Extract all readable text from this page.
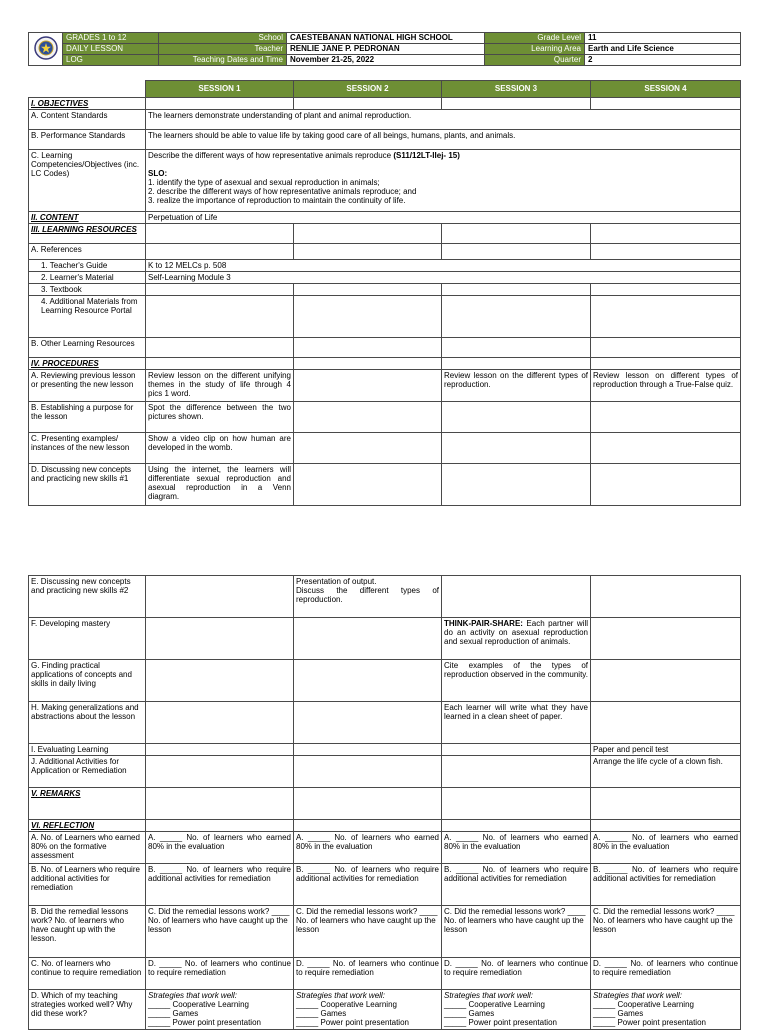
	GRADES 1 to 12	School	CAESTEBANAN NATIONAL HIGH SCHOOL	Grade Level	11
	DAILY LESSON	Teacher	RENLIE JANE P. PEDRONAN	Learning Area	Earth and Life Science
	LOG	Teaching Dates and Time	November 21-25, 2022	Quarter	2
	SESSION 1	SESSION 2	SESSION 3	SESSION 4
I. OBJECTIVES				
A. Content Standards	The learners demonstrate understanding of plant and animal reproduction.			
B. Performance Standards	The learners should be able to value life by taking good care of all beings, humans, plants, and animals.			
C. Learning Competencies/Objectives (inc. LC Codes)	Describe the different ways of how representative animals reproduce (S11/12LT-IIej- 15)

SLO:
1. identify the type of asexual and sexual reproduction in animals;
2. describe the different ways of how representative animals reproduce; and
3. realize the importance of reproduction to maintain the continuity of life.			
II. CONTENT	Perpetuation of Life			
III. LEARNING RESOURCES				
A. References				
1. Teacher's Guide	K to 12 MELCs p. 508			
2. Learner's Material	Self-Learning Module 3			
3. Textbook				
4. Additional Materials from Learning Resource Portal				
B. Other Learning Resources				
IV. PROCEDURES				
A. Reviewing previous lesson or presenting the new lesson	Review lesson on the different unifying themes in the study of life through 4 pics 1 word.		Review lesson on the different types of reproduction.	Review lesson on different types of reproduction through a True-False quiz.
B. Establishing a purpose for the lesson	Spot the difference between the two pictures shown.			
C. Presenting examples/ instances of the new lesson	Show a video clip on how human are developed in the womb.			
D. Discussing new concepts and practicing new skills #1	Using the internet, the learners will differentiate sexual reproduction and asexual reproduction in a Venn diagram.			
E. Discussing new concepts and practicing new skills #2		Presentation of output.
Discuss the different types of reproduction.		
F. Developing mastery			THINK-PAIR-SHARE: Each partner will do an activity on asexual reproduction and sexual reproduction of animals.	
G. Finding practical applications of concepts and skills in daily living			Cite examples of the types of reproduction observed in the community.	
H. Making generalizations and abstractions about the lesson			Each learner will write what they have learned in a clean sheet of paper.	
I. Evaluating Learning				Paper and pencil test
J. Additional Activities for Application or Remediation				Arrange the life cycle of a clown fish.
V. REMARKS				
VI. REFLECTION				
A. No. of Learners who earned 80% on the formative assessment	A. _____ No. of learners who earned 80% in the evaluation	A. _____ No. of learners who earned 80% in the evaluation	A. _____ No. of learners who earned 80% in the evaluation	A. _____ No. of learners who earned 80% in the evaluation
B. No. of Learners who require additional activities for remediation	B. _____ No. of learners who require additional activities for remediation	B. _____ No. of learners who require additional activities for remediation	B. _____ No. of learners who require additional activities for remediation	B. _____ No. of learners who require additional activities for remediation
B. Did the remedial lessons work? No. of learners who have caught up with the lesson.	C. Did the remedial lessons work? ____ No. of learners who have caught up the lesson	C. Did the remedial lessons work? ____ No. of learners who have caught up the lesson	C. Did the remedial lessons work? ____ No. of learners who have caught up the lesson	C. Did the remedial lessons work? ____ No. of learners who have caught up the lesson
C. No. of learners who continue to require remediation	D. _____ No. of learners who continue to require remediation	D. _____ No. of learners who continue to require remediation	D. _____ No. of learners who continue to require remediation	D. _____ No. of learners who continue to require remediation
D. Which of my teaching strategies worked well? Why did these work?	Strategies that work well:
_____ Cooperative Learning
_____ Games
_____ Power point presentation	Strategies that work well:
_____ Cooperative Learning
_____ Games
_____ Power point presentation	Strategies that work well:
_____ Cooperative Learning
_____ Games
_____ Power point presentation	Strategies that work well:
_____ Cooperative Learning
_____ Games
_____ Power point presentation
